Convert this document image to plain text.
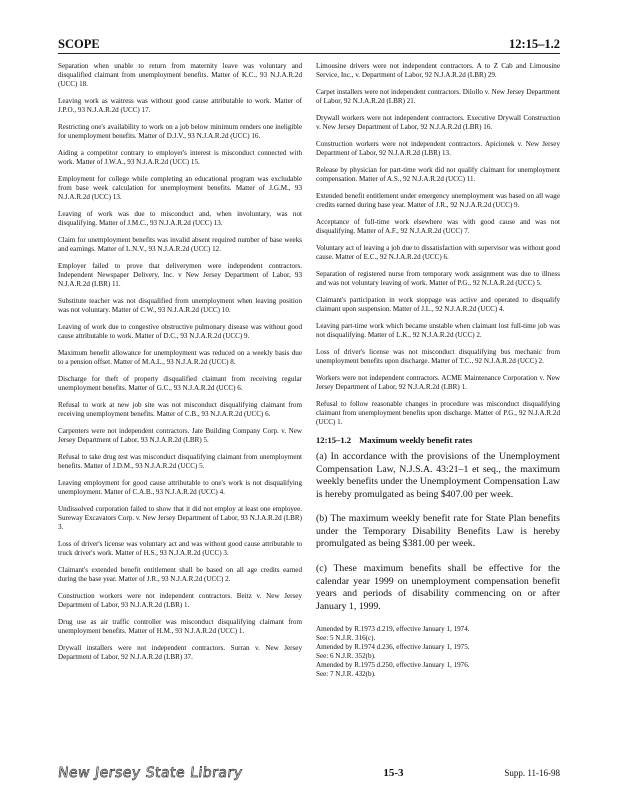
SCOPE	12:15–1.2

Separation when unable to return from maternity leave was voluntary and disqualified claimant from unemployment benefits. Matter of K.C., 93 N.J.A.R.2d (UCC) 18.

Leaving work as waitress was without good cause attributable to work. Matter of J.P.O., 93 N.J.A.R.2d (UCC) 17.

Restricting one's availability to work on a job below minimum renders one ineligible for unemployment benefits. Matter of D.J.V., 93 N.J.A.R.2d (UCC) 16.

Aiding a competitor contrary to employer's interest is misconduct connected with work. Matter of J.W.A., 93 N.J.A.R.2d (UCC) 15.

Employment for college while completing an educational program was excludable from base week calculation for unemployment benefits. Matter of J.G.M., 93 N.J.A.R.2d (UCC) 13.

Leaving of work was due to misconduct and, when involuntary, was not disqualifying. Matter of J.M.C., 93 N.J.A.R.2d (UCC) 13.

Claim for unemployment benefits was invalid absent required number of base weeks and earnings. Matter of L.N.V., 93 N.J.A.R.2d (UCC) 12.

Employer failed to prove that deliverymen were independent contractors. Independent Newspaper Delivery, Inc. v New Jersey Department of Labor, 93 N.J.A.R.2d (LBR) 11.

Substitute teacher was not disqualified from unemployment when leaving position was not voluntary. Matter of C.W., 93 N.J.A.R.2d (UCC) 10.

Leaving of work due to congestive obstructive pulmonary disease was without good cause attributable to work. Matter of D.C., 93 N.J.A.R.2d (UCC) 9.

Maximum benefit allowance for unemployment was reduced on a weekly basis due to a pension offset. Matter of M.A.L., 93 N.J.A.R.2d (UCC) 8.

Discharge for theft of property disqualified claimant from receiving regular unemployment benefits. Matter of G.C., 93 N.J.A.R.2d (UCC) 6.

Refusal to work at new job site was not misconduct disqualifying claimant from receiving unemployment benefits. Matter of C.B., 93 N.J.A.R.2d (UCC) 6.

Carpenters were not independent contractors. Jate Building Company Corp. v. New Jersey Department of Labor, 93 N.J.A.R.2d (LBR) 5.

Refusal to take drug test was misconduct disqualifying claimant from unemployment benefits. Matter of J.D.M., 93 N.J.A.R.2d (UCC) 5.

Leaving employment for good cause attributable to one's work is not disqualifying unemployment. Matter of C.A.B., 93 N.J.A.R.2d (UCC) 4.

Undissolved corporation failed to show that it did not employ at least one employee. Sureway Excavators Corp. v. New Jersey Department of Labor, 93 N.J.A.R.2d (LBR) 3.

Loss of driver's license was voluntary act and was without good cause attributable to truck driver's work. Matter of H.S., 93 N.J.A.R.2d (UCC) 3.

Claimant's extended benefit entitlement shall be based on all age credits earned during the base year. Matter of J.R., 93 N.J.A.R.2d (UCC) 2.

Construction workers were not independent contractors. Beitz v. New Jersey Department of Labor, 93 N.J.A.R.2d (LBR) 1.

Drug use as air traffic controller was misconduct disqualifying claimant from unemployment benefits. Matter of H.M., 93 N.J.A.R.2d (UCC) 1.

Drywall installers were not independent contractors. Surran v. New Jersey Department of Labor, 92 N.J.A.R.2d (LBR) 37.

Limousine drivers were not independent contractors. A to Z Cab and Limousine Service, Inc., v. Department of Labor, 92 N.J.A.R.2d (LBR) 29.

Carpet installers were not independent contractors. Dilollo v. New Jersey Department of Labor, 92 N.J.A.R.2d (LBR) 21.

Drywall workers were not independent contractors. Executive Drywall Construction v. New Jersey Department of Labor, 92 N.J.A.R.2d (LBR) 16.

Construction workers were not independent contractors. Apicionek v. New Jersey Department of Labor, 92 N.J.A.R.2d (LBR) 13.

Release by physician for part-time work did not qualify claimant for unemployment compensation. Matter of A.S., 92 N.J.A.R.2d (UCC) 11.

Extended benefit entitlement under emergency unemployment was based on all wage credits earned during base year. Matter of J.R., 92 N.J.A.R.2d (UCC) 9.

Acceptance of full-time work elsewhere was with good cause and was not disqualifying. Matter of A.F., 92 N.J.A.R.2d (UCC) 7.

Voluntary act of leaving a job due to dissatisfaction with supervisor was without good cause. Matter of E.C., 92 N.J.A.R.2d (UCC) 6.

Separation of registered nurse from temporary work assignment was due to illness and was not voluntary leaving of work. Matter of P.G., 92 N.J.A.R.2d (UCC) 5.

Claimant's participation in work stoppage was active and operated to disqualify claimant upon suspension. Matter of J.L., 92 N.J.A.R.2d (UCC) 4.

Leaving part-time work which became unstable when claimant lost full-time job was not disqualifying. Matter of L.K., 92 N.J.A.R.2d (UCC) 2.

Loss of driver's license was not misconduct disqualifying bus mechanic from unemployment benefits upon discharge. Matter of T.C., 92 N.J.A.R.2d (UCC) 2.

Workers were not independent contractors. ACME Maintenance Corporation v. New Jersey Department of Labor, 92 N.J.A.R.2d (LBR) 1.

Refusal to follow reasonable changes in procedure was misconduct disqualifying claimant from unemployment benefits upon discharge. Matter of P.G., 92 N.J.A.R.2d (UCC) 1.

12:15–1.2 Maximum weekly benefit rates

(a) In accordance with the provisions of the Unemployment Compensation Law, N.J.S.A. 43:21–1 et seq., the maximum weekly benefits under the Unemployment Compensation Law is hereby promulgated as being $407.00 per week.

(b) The maximum weekly benefit rate for State Plan benefits under the Temporary Disability Benefits Law is hereby promulgated as being $381.00 per week.

(c) These maximum benefits shall be effective for the calendar year 1999 on unemployment compensation benefit years and periods of disability commencing on or after January 1, 1999.

Amended by R.1973 d.219, effective January 1, 1974.
See: 5 N.J.R. 316(c).
Amended by R.1974 d.236, effective January 1, 1975.
See: 6 N.J.R. 352(b).
Amended by R.1975 d.250, effective January 1, 1976.
See: 7 N.J.R. 432(b).
New Jersey State Library	15-3	Supp. 11-16-98
